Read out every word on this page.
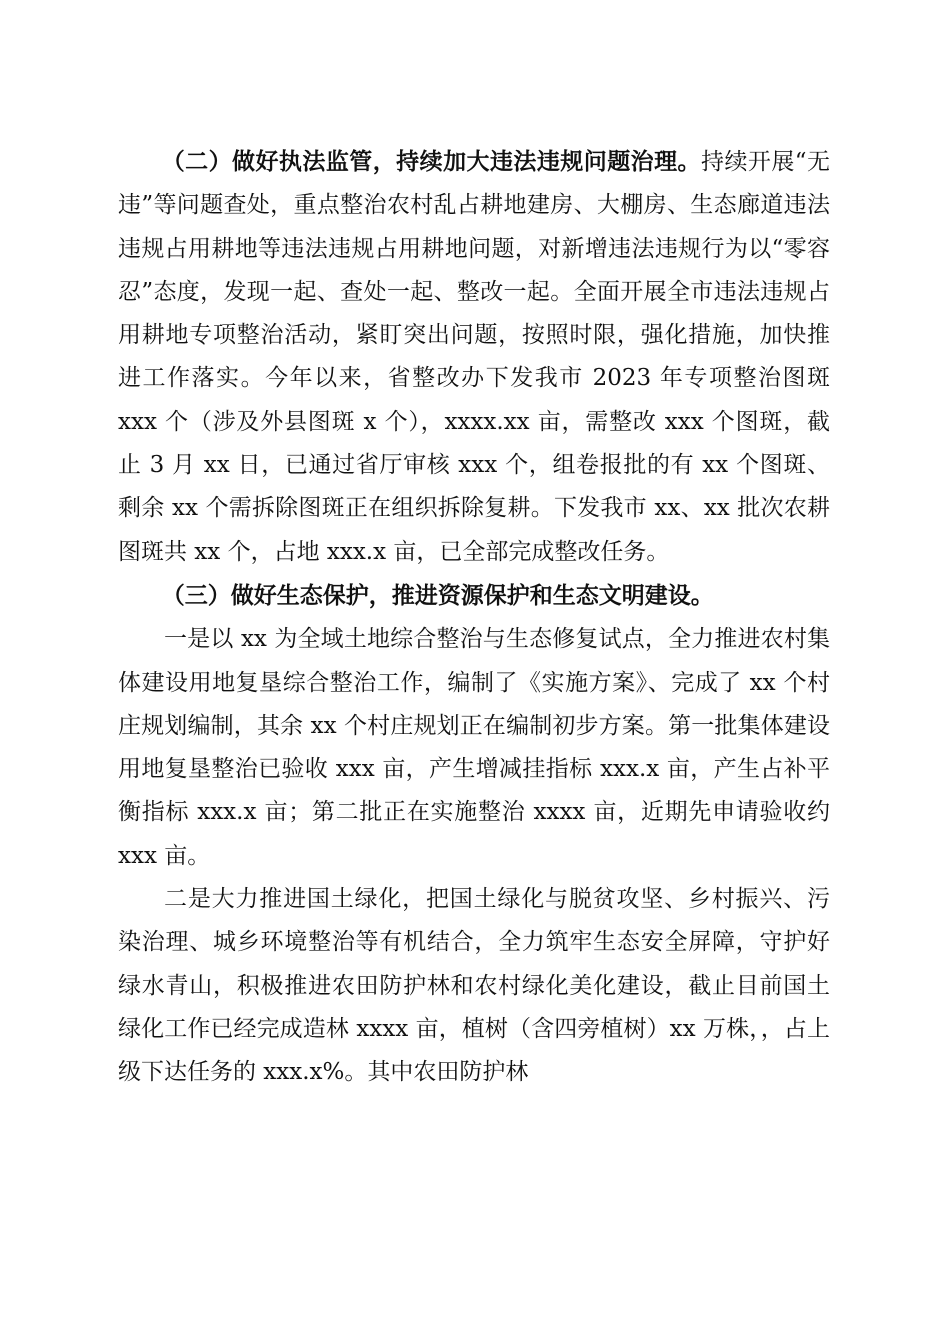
（二）做好执法监管，持续加大违法违规问题治理。持续开展“无违”等问题查处，重点整治农村乱占耕地建房、大棚房、生态廊道违法违规占用耕地等违法违规占用耕地问题，对新增违法违规行为以“零容忍”态度，发现一起、查处一起、整改一起。全面开展全市违法违规占用耕地专项整治活动，紧盯突出问题，按照时限，强化措施，加快推进工作落实。今年以来，省整改办下发我市 2023 年专项整治图斑 xxx 个（涉及外县图斑 x 个），xxxx.xx 亩，需整改 xxx 个图斑，截止 3 月 xx 日，已通过省厅审核 xxx 个，组卷报批的有 xx 个图斑、剩余 xx 个需拆除图斑正在组织拆除复耕。下发我市 xx、xx 批次农耕图斑共 xx 个，占地 xxx.x 亩，已全部完成整改任务。

（三）做好生态保护，推进资源保护和生态文明建设。

一是以 xx 为全域土地综合整治与生态修复试点，全力推进农村集体建设用地复垦综合整治工作，编制了《实施方案》、完成了 xx 个村庄规划编制，其余 xx 个村庄规划正在编制初步方案。第一批集体建设用地复垦整治已验收 xxx 亩，产生增减挂指标 xxx.x 亩，产生占补平衡指标 xxx.x 亩；第二批正在实施整治 xxxx 亩，近期先申请验收约 xxx 亩。

二是大力推进国土绿化，把国土绿化与脱贫攻坚、乡村振兴、污染治理、城乡环境整治等有机结合，全力筑牢生态安全屏障，守护好绿水青山，积极推进农田防护林和农村绿化美化建设，截止目前国土绿化工作已经完成造林 xxxx 亩，植树（含四旁植树）xx 万株，，占上级下达任务的 xxx.x%。其中农田防护林
